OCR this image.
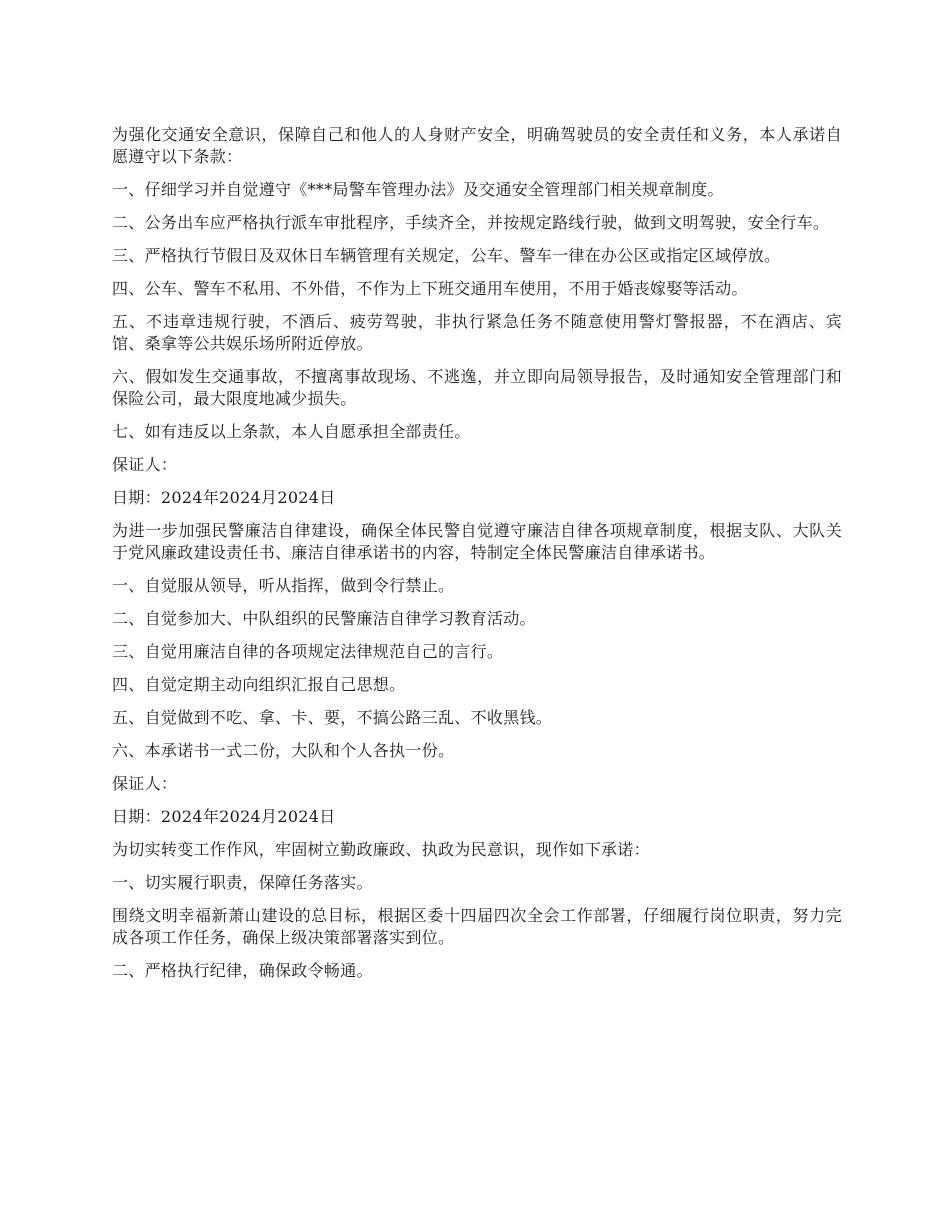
为强化交通安全意识，保障自己和他人的人身财产安全，明确驾驶员的安全责任和义务，本人承诺自愿遵守以下条款：

一、仔细学习并自觉遵守《***局警车管理办法》及交通安全管理部门相关规章制度。

二、公务出车应严格执行派车审批程序，手续齐全，并按规定路线行驶，做到文明驾驶，安全行车。

三、严格执行节假日及双休日车辆管理有关规定，公车、警车一律在办公区或指定区域停放。

四、公车、警车不私用、不外借，不作为上下班交通用车使用，不用于婚丧嫁娶等活动。

五、不违章违规行驶，不酒后、疲劳驾驶，非执行紧急任务不随意使用警灯警报器，不在酒店、宾馆、桑拿等公共娱乐场所附近停放。

六、假如发生交通事故，不擅离事故现场、不逃逸，并立即向局领导报告，及时通知安全管理部门和保险公司，最大限度地减少损失。

七、如有违反以上条款，本人自愿承担全部责任。

保证人：

日期：2024年2024月2024日

为进一步加强民警廉洁自律建设，确保全体民警自觉遵守廉洁自律各项规章制度，根据支队、大队关于党风廉政建设责任书、廉洁自律承诺书的内容，特制定全体民警廉洁自律承诺书。

一、自觉服从领导，听从指挥，做到令行禁止。

二、自觉参加大、中队组织的民警廉洁自律学习教育活动。

三、自觉用廉洁自律的各项规定法律规范自己的言行。

四、自觉定期主动向组织汇报自己思想。

五、自觉做到不吃、拿、卡、要，不搞公路三乱、不收黑钱。

六、本承诺书一式二份，大队和个人各执一份。

保证人：

日期：2024年2024月2024日

为切实转变工作作风，牢固树立勤政廉政、执政为民意识，现作如下承诺：

一、切实履行职责，保障任务落实。

围绕文明幸福新萧山建设的总目标，根据区委十四届四次全会工作部署，仔细履行岗位职责，努力完成各项工作任务，确保上级决策部署落实到位。

二、严格执行纪律，确保政令畅通。
